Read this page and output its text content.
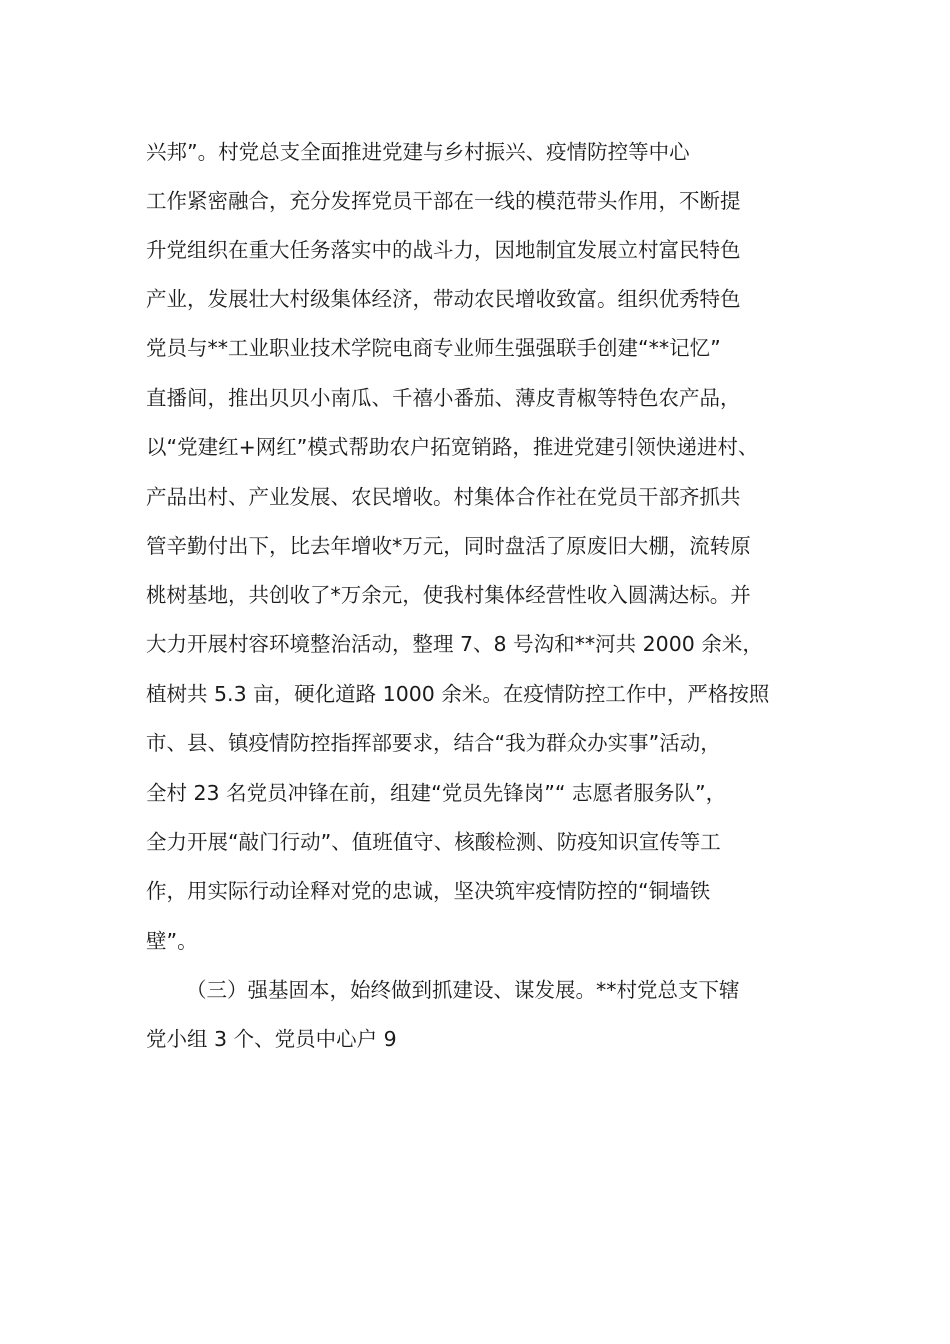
兴邦”。村党总支全面推进党建与乡村振兴、疫情防控等中心
工作紧密融合，充分发挥党员干部在一线的模范带头作用，不断提
升党组织在重大任务落实中的战斗力，因地制宜发展立村富民特色
产业，发展壮大村级集体经济，带动农民增收致富。组织优秀特色
党员与**工业职业技术学院电商专业师生强强联手创建“**记忆”
直播间，推出贝贝小南瓜、千禧小番茄、薄皮青椒等特色农产品，
以“党建红+网红”模式帮助农户拓宽销路，推进党建引领快递进村、
产品出村、产业发展、农民增收。村集体合作社在党员干部齐抓共
管辛勤付出下，比去年增收*万元，同时盘活了原废旧大棚，流转原
桃树基地，共创收了*万余元，使我村集体经营性收入圆满达标。并
大力开展村容环境整治活动，整理 7、8 号沟和**河共 2000 余米，
植树共 5.3 亩，硬化道路 1000 余米。在疫情防控工作中，严格按照
市、县、镇疫情防控指挥部要求，结合“我为群众办实事”活动，
全村 23 名党员冲锋在前，组建“党员先锋岗”“ 志愿者服务队”，
全力开展“敲门行动”、值班值守、核酸检测、防疫知识宣传等工
作，用实际行动诠释对党的忠诚，坚决筑牢疫情防控的“铜墙铁
壁”。
（三）强基固本，始终做到抓建设、谋发展。**村党总支下辖
党小组 3 个、党员中心户 9
